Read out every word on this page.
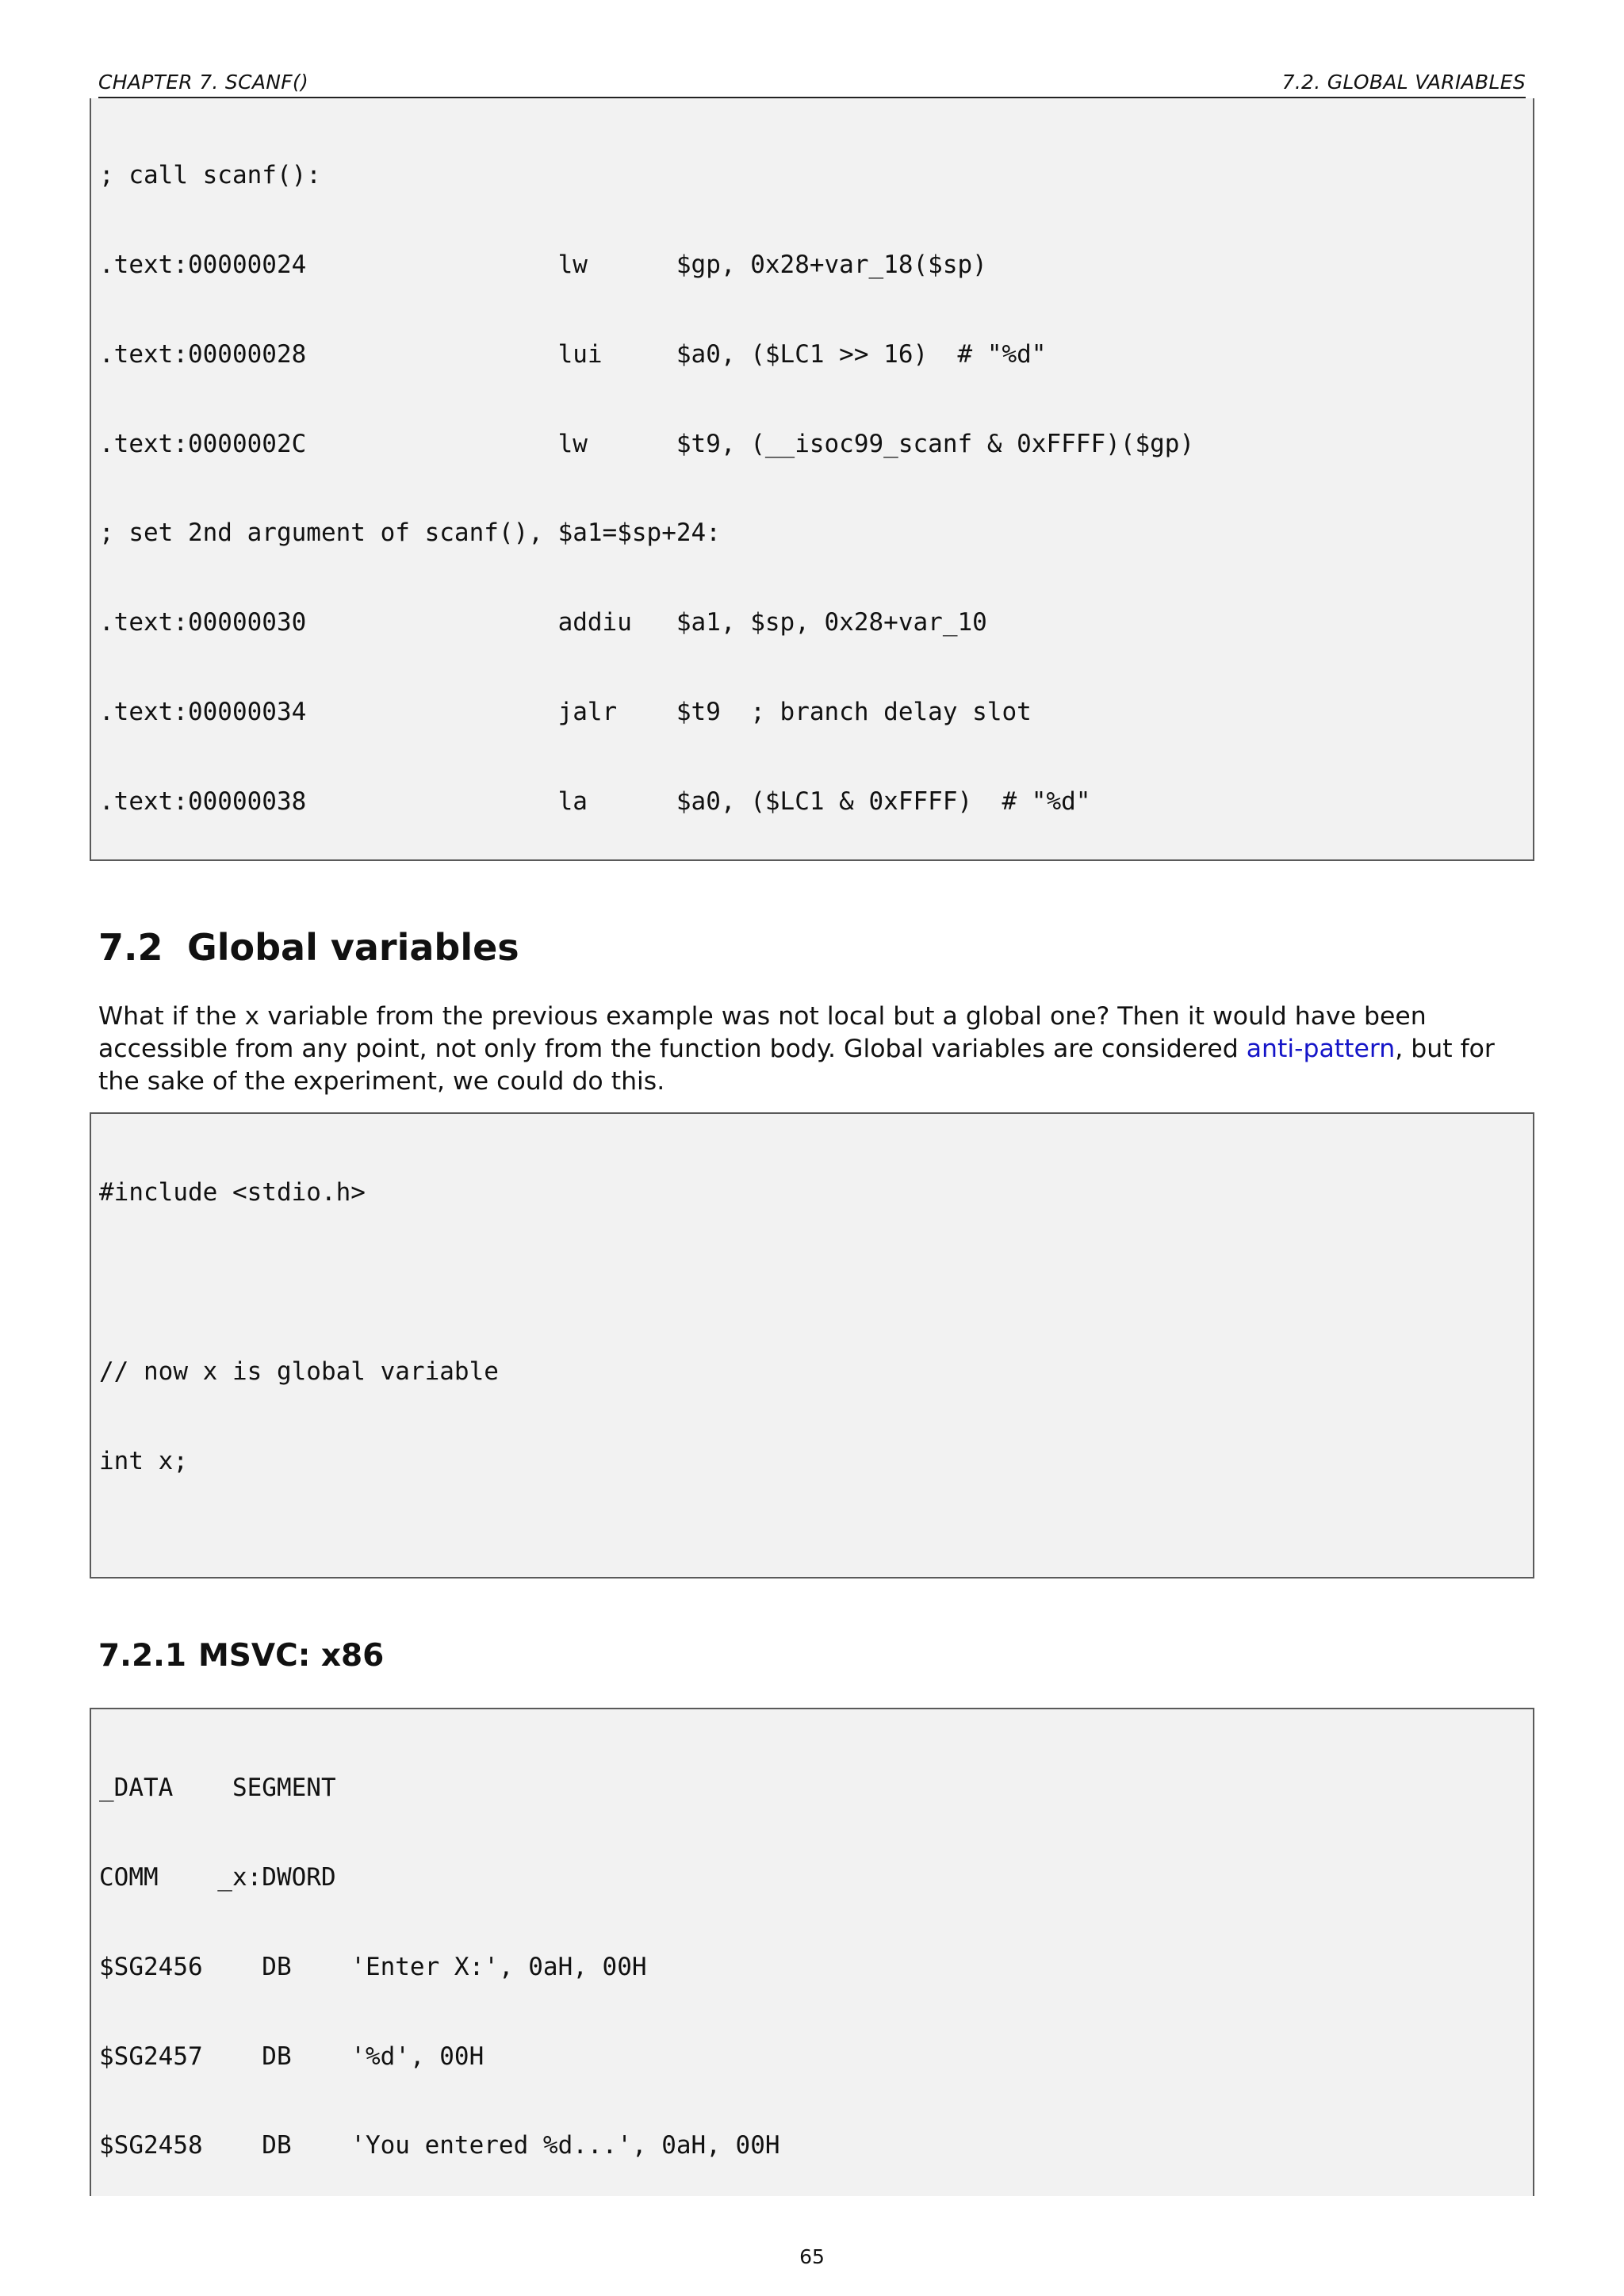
CHAPTER 7. SCANF()	7.2. GLOBAL VARIABLES

; call scanf():

.text:00000024                 lw      $gp, 0x28+var_18($sp)

.text:00000028                 lui     $a0, ($LC1 >> 16)  # "%d"

.text:0000002C                 lw      $t9, (__isoc99_scanf & 0xFFFF)($gp)

; set 2nd argument of scanf(), $a1=$sp+24:

.text:00000030                 addiu   $a1, $sp, 0x28+var_10

.text:00000034                 jalr    $t9  ; branch delay slot

.text:00000038                 la      $a0, ($LC1 & 0xFFFF)  # "%d"

7.2 Global variables
What if the x variable from the previous example was not local but a global one? Then it would have been accessible from any point, not only from the function body. Global variables are considered anti-pattern, but for the sake of the experiment, we could do this.

#include <stdio.h>

// now x is global variable

int x;

7.2.1 MSVC: x86

_DATA    SEGMENT

COMM    _x:DWORD

$SG2456    DB    'Enter X:', 0aH, 00H

$SG2457    DB    '%d', 00H

$SG2458    DB    'You entered %d...', 0aH, 00H

65
